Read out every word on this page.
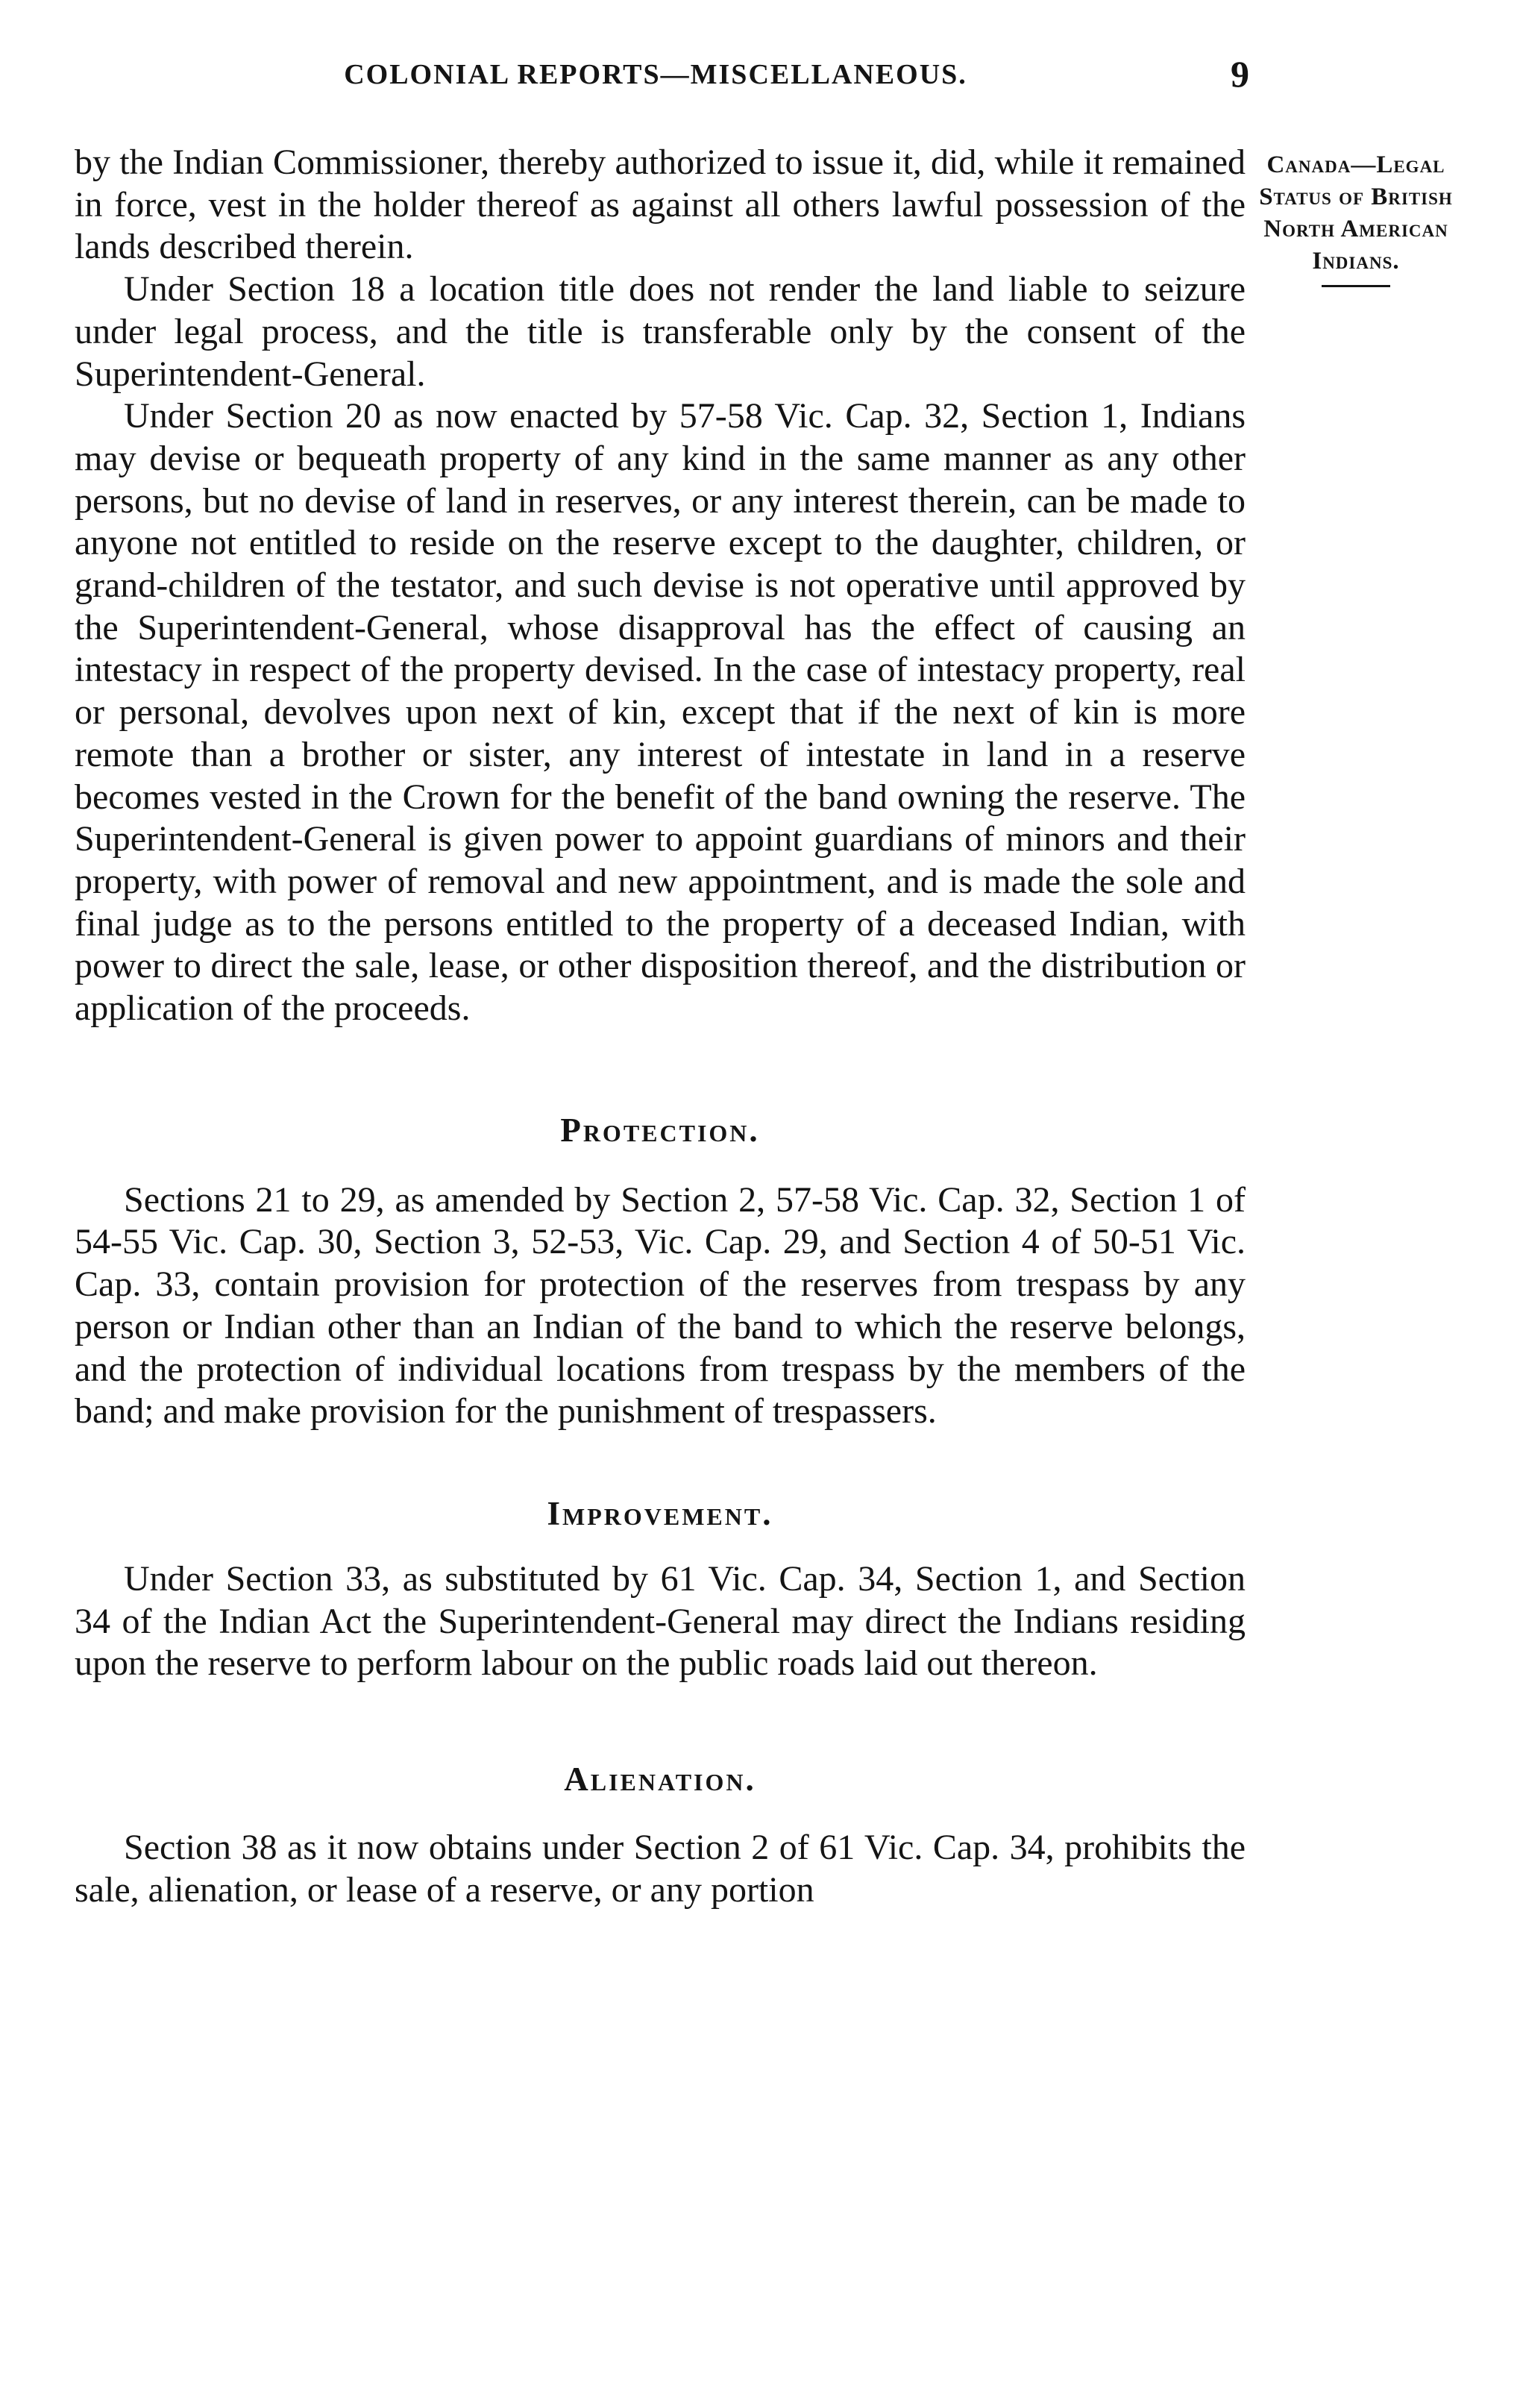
COLONIAL REPORTS—MISCELLANEOUS.	9
Canada—Legal Status of British North American Indians.

by the Indian Commissioner, thereby authorized to issue it, did, while it remained in force, vest in the holder thereof as against all others lawful possession of the lands described therein.

Under Section 18 a location title does not render the land liable to seizure under legal process, and the title is transferable only by the consent of the Superintendent-General.

Under Section 20 as now enacted by 57-58 Vic. Cap. 32, Section 1, Indians may devise or bequeath property of any kind in the same manner as any other persons, but no devise of land in reserves, or any interest therein, can be made to anyone not entitled to reside on the reserve except to the daughter, children, or grand-children of the testator, and such devise is not operative until approved by the Superintendent-General, whose disapproval has the effect of causing an intestacy in respect of the property devised. In the case of intestacy property, real or personal, devolves upon next of kin, except that if the next of kin is more remote than a brother or sister, any interest of intestate in land in a reserve becomes vested in the Crown for the benefit of the band owning the reserve. The Superintendent-General is given power to appoint guardians of minors and their property, with power of removal and new appointment, and is made the sole and final judge as to the persons entitled to the property of a deceased Indian, with power to direct the sale, lease, or other disposition thereof, and the distribution or application of the proceeds.

Protection.

Sections 21 to 29, as amended by Section 2, 57-58 Vic. Cap. 32, Section 1 of 54-55 Vic. Cap. 30, Section 3, 52-53, Vic. Cap. 29, and Section 4 of 50-51 Vic. Cap. 33, contain provision for protection of the reserves from trespass by any person or Indian other than an Indian of the band to which the reserve belongs, and the protection of individual locations from trespass by the members of the band; and make provision for the punishment of trespassers.

Improvement.

Under Section 33, as substituted by 61 Vic. Cap. 34, Section 1, and Section 34 of the Indian Act the Superintendent-General may direct the Indians residing upon the reserve to perform labour on the public roads laid out thereon.

Alienation.

Section 38 as it now obtains under Section 2 of 61 Vic. Cap. 34, prohibits the sale, alienation, or lease of a reserve, or any portion
